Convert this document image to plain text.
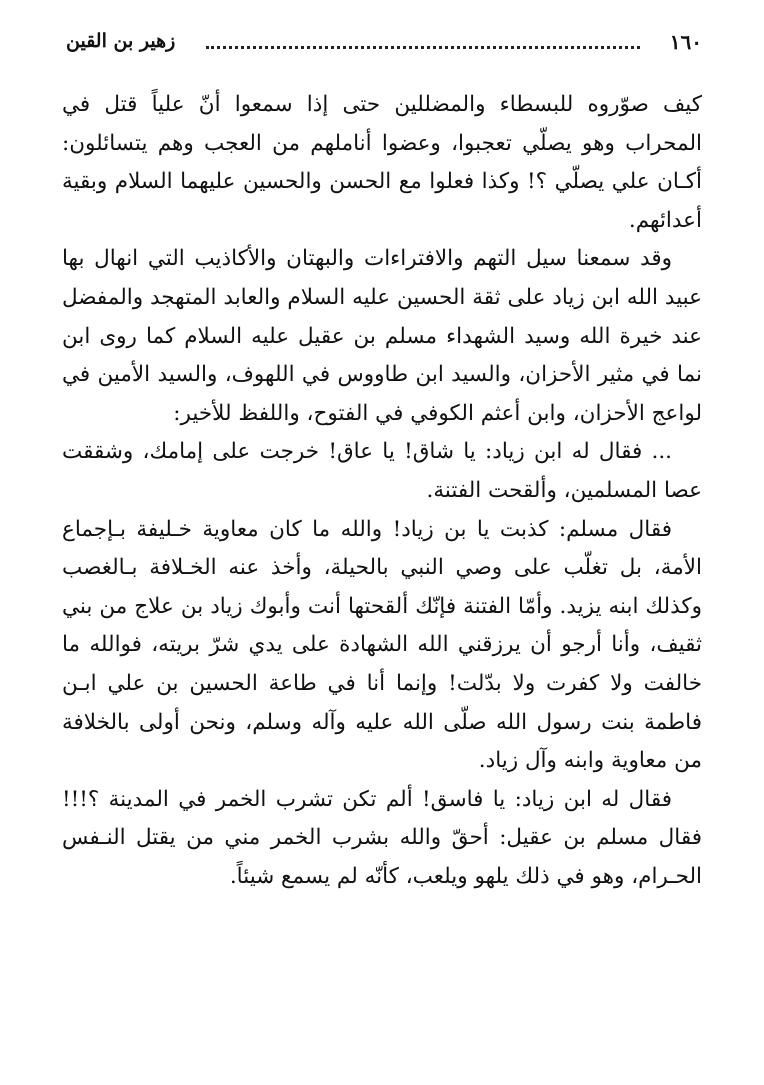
١٦٠
زهير بن القين

كيف صوّروه للبسطاء والمضللين حتى إذا سمعوا أنّ علياً قتل في المحراب وهو يصلّي تعجبوا، وعضوا أناملهم من العجب وهم يتسائلون: أكـان علي يصلّي ؟! وكذا فعلوا مع الحسن والحسين عليهما السلام وبقية أعدائهم.

وقد سمعنا سيل التهم والافتراءات والبهتان والأكاذيب التي انهال بها عبيد الله ابن زياد على ثقة الحسين عليه السلام والعابد المتهجد والمفضل عند خيرة الله وسيد الشهداء مسلم بن عقيل عليه السلام كما روى ابن نما في مثير الأحزان، والسيد ابن طاووس في اللهوف، والسيد الأمين في لواعج الأحزان، وابن أعثم الكوفي في الفتوح، واللفظ للأخير:

... فقال له ابن زياد: يا شاق! يا عاق! خرجت على إمامك، وشققت عصا المسلمين، وألقحت الفتنة.

فقال مسلم: كذبت يا بن زياد! والله ما كان معاوية خـليفة بـإجماع الأمة، بل تغلّب على وصي النبي بالحيلة، وأخذ عنه الخـلافة بـالغصب وكذلك ابنه يزيد. وأمّا الفتنة فإنّك ألقحتها أنت وأبوك زياد بن علاج من بني ثقيف، وأنا أرجو أن يرزقني الله الشهادة على يدي شرّ بريته، فوالله ما خالفت ولا كفرت ولا بدّلت! وإنما أنا في طاعة الحسين بن علي ابـن فاطمة بنت رسول الله صلّى الله عليه وآله وسلم، ونحن أولى بالخلافة من معاوية وابنه وآل زياد.

فقال له ابن زياد: يا فاسق! ألم تكن تشرب الخمر في المدينة ؟!!! فقال مسلم بن عقيل: أحقّ والله بشرب الخمر مني من يقتل النـفس الحـرام، وهو في ذلك يلهو ويلعب، كأنّه لم يسمع شيئاً.
